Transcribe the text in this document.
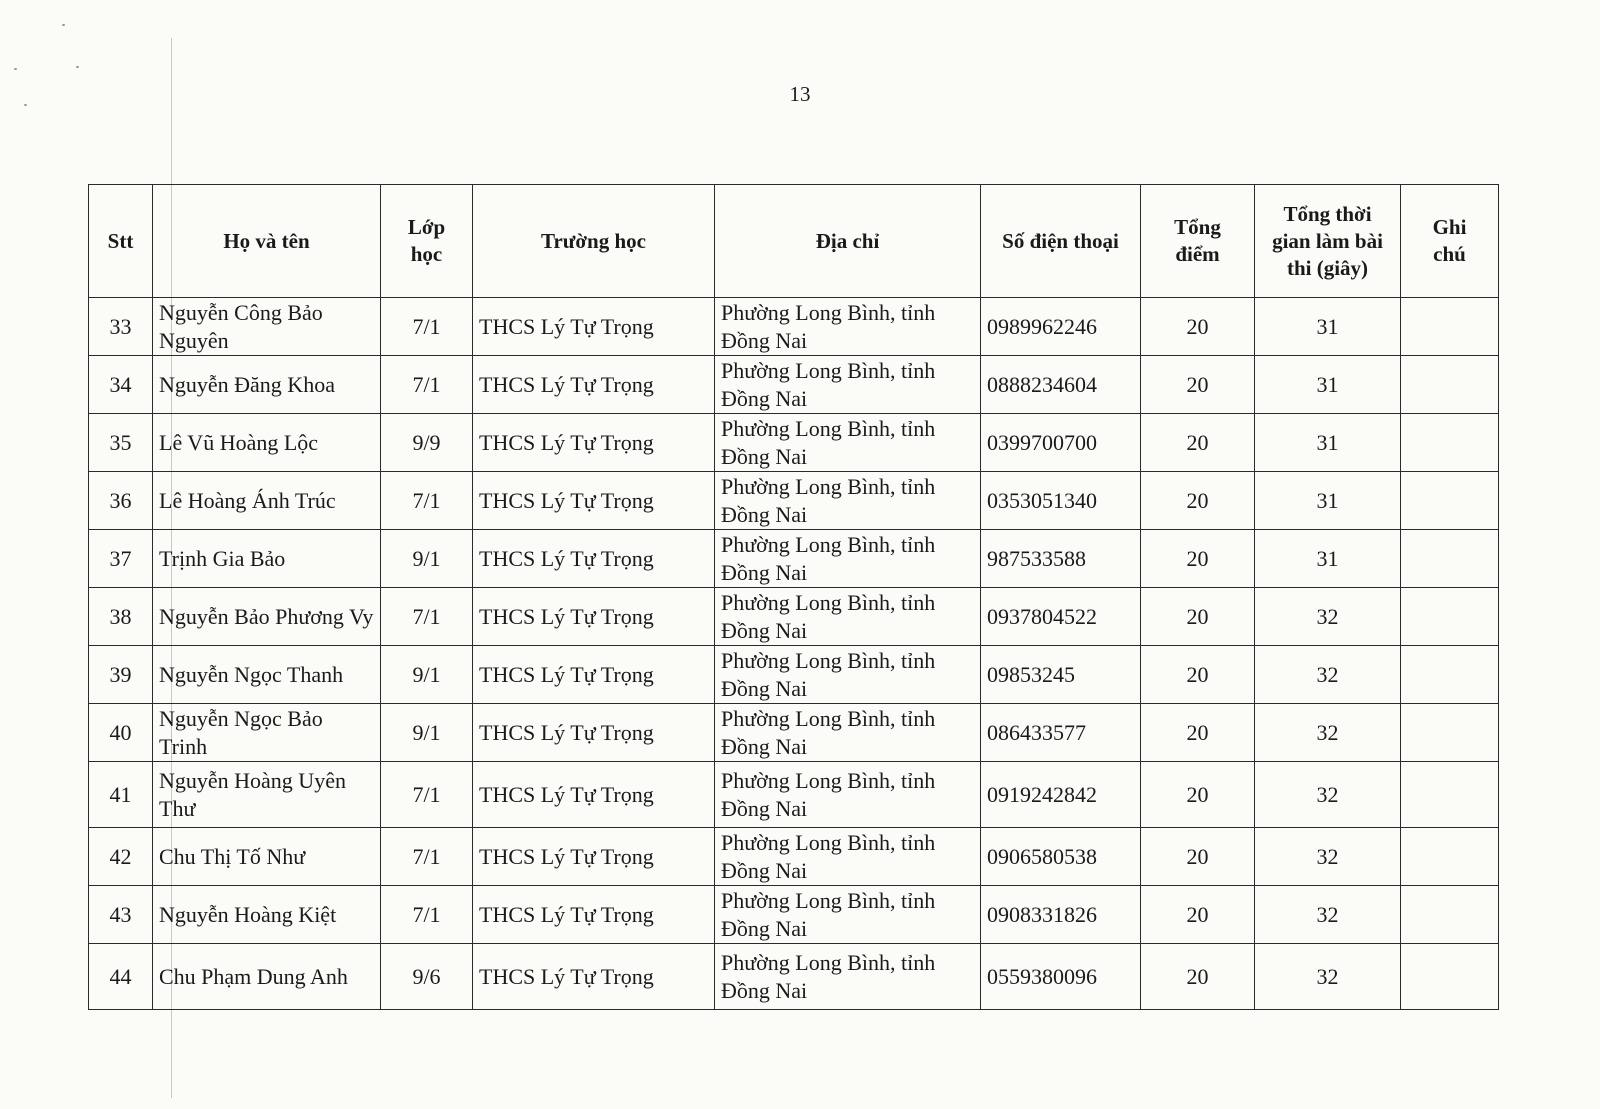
13
Stt	Họ và tên	Lớp học	Trường học	Địa chỉ	Số điện thoại	Tổng điểm	Tổng thời gian làm bài thi (giây)	Ghi chú
33	Nguyễn Công Bảo Nguyên	7/1	THCS Lý Tự Trọng	Phường Long Bình, tỉnh Đồng Nai	0989962246	20	31	
34	Nguyễn Đăng Khoa	7/1	THCS Lý Tự Trọng	Phường Long Bình, tỉnh Đồng Nai	0888234604	20	31	
35	Lê Vũ Hoàng Lộc	9/9	THCS Lý Tự Trọng	Phường Long Bình, tỉnh Đồng Nai	0399700700	20	31	
36	Lê Hoàng Ánh Trúc	7/1	THCS Lý Tự Trọng	Phường Long Bình, tỉnh Đồng Nai	0353051340	20	31	
37	Trịnh Gia Bảo	9/1	THCS Lý Tự Trọng	Phường Long Bình, tỉnh Đồng Nai	987533588	20	31	
38	Nguyễn Bảo Phương Vy	7/1	THCS Lý Tự Trọng	Phường Long Bình, tỉnh Đồng Nai	0937804522	20	32	
39	Nguyễn Ngọc Thanh	9/1	THCS Lý Tự Trọng	Phường Long Bình, tỉnh Đồng Nai	09853245	20	32	
40	Nguyễn Ngọc Bảo Trinh	9/1	THCS Lý Tự Trọng	Phường Long Bình, tỉnh Đồng Nai	086433577	20	32	
41	Nguyễn Hoàng Uyên Thư	7/1	THCS Lý Tự Trọng	Phường Long Bình, tỉnh Đồng Nai	0919242842	20	32	
42	Chu Thị Tố Như	7/1	THCS Lý Tự Trọng	Phường Long Bình, tỉnh Đồng Nai	0906580538	20	32	
43	Nguyễn Hoàng Kiệt	7/1	THCS Lý Tự Trọng	Phường Long Bình, tỉnh Đồng Nai	0908331826	20	32	
44	Chu Phạm Dung Anh	9/6	THCS Lý Tự Trọng	Phường Long Bình, tỉnh Đồng Nai	0559380096	20	32	
